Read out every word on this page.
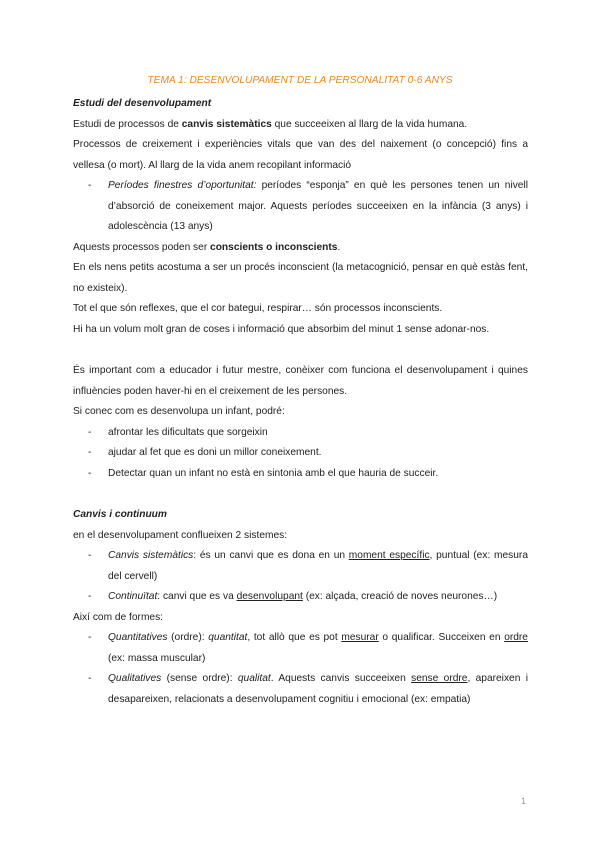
TEMA 1: DESENVOLUPAMENT DE LA PERSONALITAT 0-6 ANYS

Estudi del desenvolupament

Estudi de processos de canvis sistemàtics que succeeixen al llarg de la vida humana.

Processos de creixement i experiències vitals que van des del naixement (o concepció) fins a vellesa (o mort). Al llarg de la vida anem recopilant informació

- Períodes finestres d’oportunitat: períodes “esponja” en què les persones tenen un nivell d’absorció de coneixement major. Aquests períodes succeeixen en la infància (3 anys) i adolescència (13 anys)

Aquests processos poden ser conscients o inconscients.

En els nens petits acostuma a ser un procés inconscient (la metacognició, pensar en què estàs fent, no existeix).

Tot el que són reflexes, que el cor bategui, respirar… són processos inconscients.

Hi ha un volum molt gran de coses i informació que absorbim del minut 1 sense adonar-nos.

És important com a educador i futur mestre, conèixer com funciona el desenvolupament i quines influències poden haver-hi en el creixement de les persones.

Si conec com es desenvolupa un infant, podré:

- afrontar les dificultats que sorgeixin

- ajudar al fet que es doni un millor coneixement.

- Detectar quan un infant no està en sintonia amb el que hauria de succeir.

Canvis i continuum

en el desenvolupament conflueixen 2 sistemes:

- Canvis sistemàtics: és un canvi que es dona en un moment específic, puntual (ex: mesura del cervell)

- Continuïtat: canvi que es va desenvolupant (ex: alçada, creació de noves neurones…)

Així com de formes:

- Quantitatives (ordre): quantitat, tot allò que es pot mesurar o qualificar. Succeixen en ordre (ex: massa muscular)

- Qualitatives (sense ordre): qualitat. Aquests canvis succeeixen sense ordre, apareixen i desapareixen, relacionats a desenvolupament cognitiu i emocional (ex: empatia)

1
